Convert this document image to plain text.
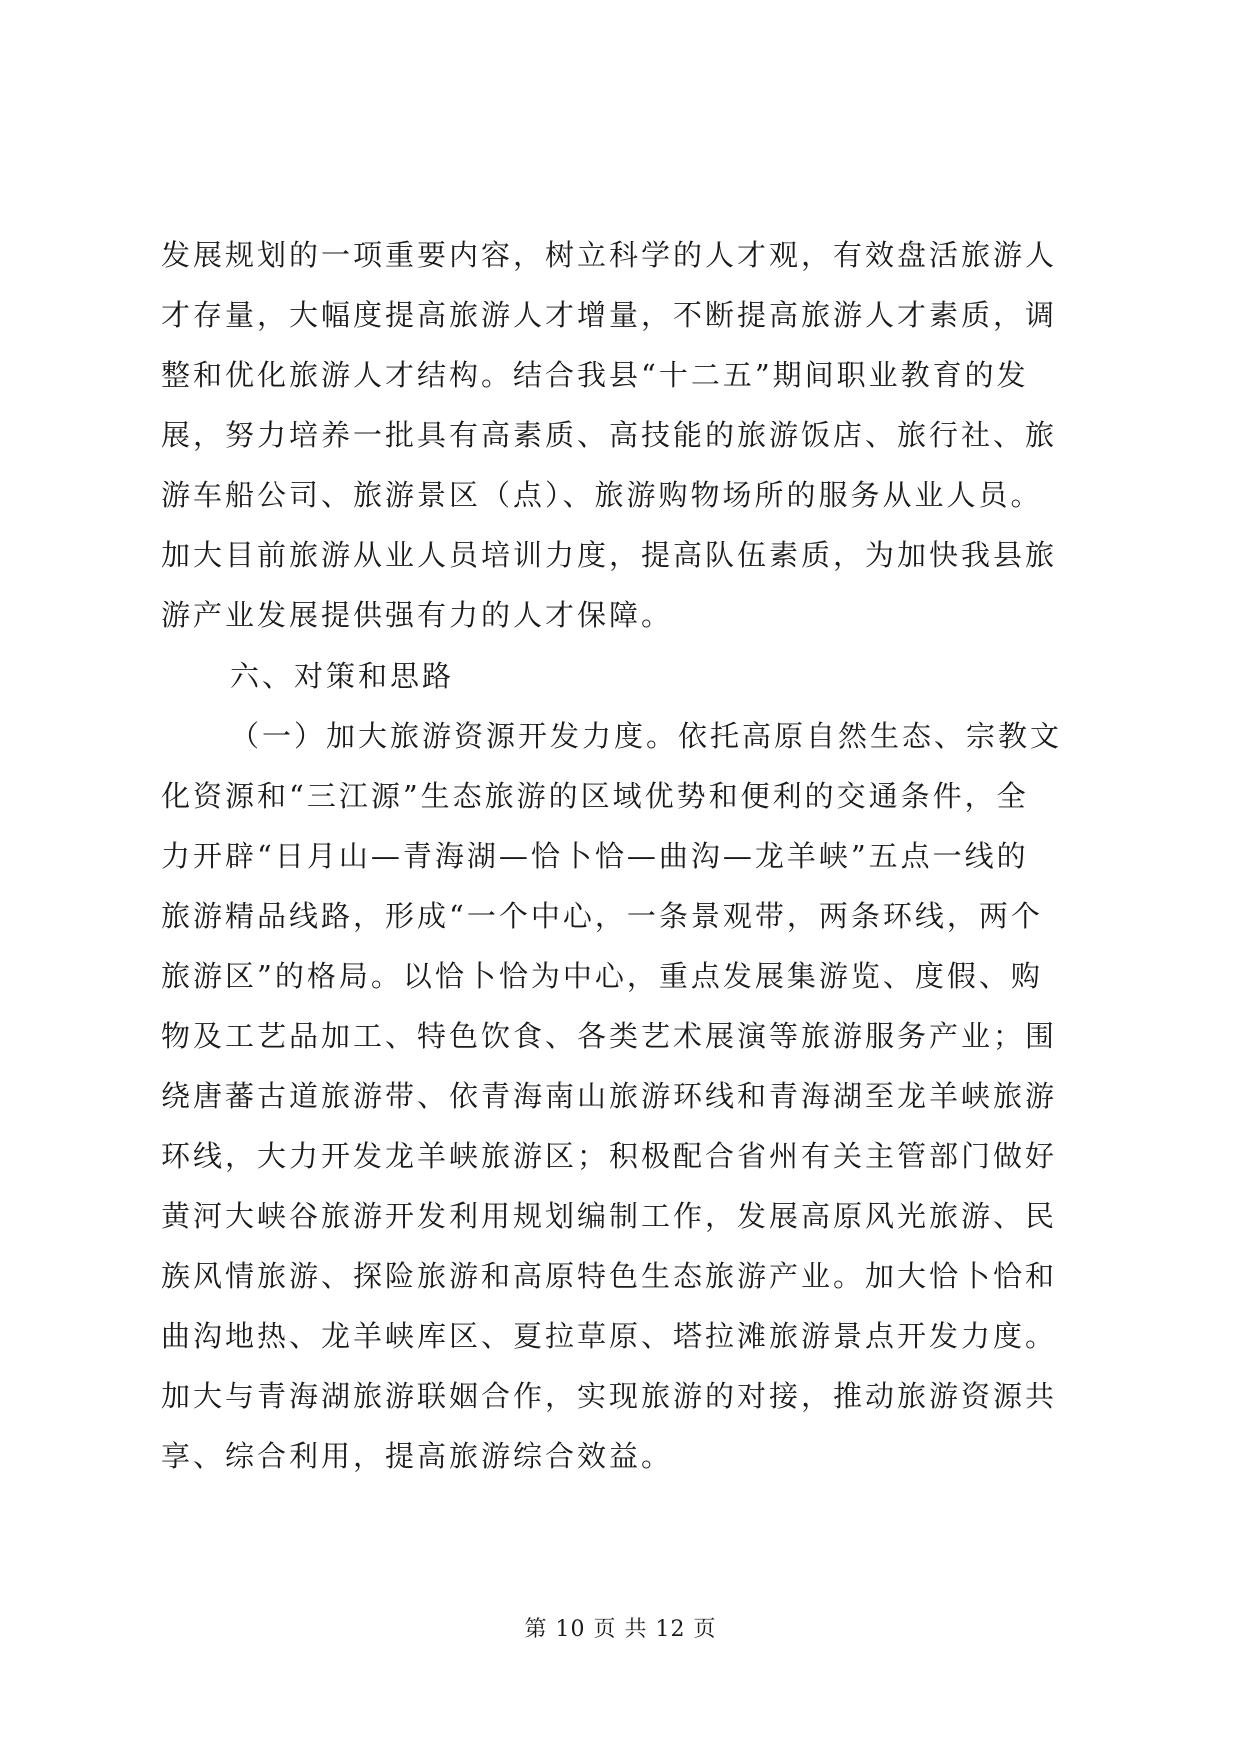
发展规划的一项重要内容，树立科学的人才观，有效盘活旅游人
才存量，大幅度提高旅游人才增量，不断提高旅游人才素质，调
整和优化旅游人才结构。结合我县“十二五”期间职业教育的发
展，努力培养一批具有高素质、高技能的旅游饭店、旅行社、旅
游车船公司、旅游景区（点）、旅游购物场所的服务从业人员。
加大目前旅游从业人员培训力度，提高队伍素质，为加快我县旅
游产业发展提供强有力的人才保障。
六、对策和思路
（一）加大旅游资源开发力度。依托高原自然生态、宗教文
化资源和“三江源”生态旅游的区域优势和便利的交通条件，全
力开辟“日月山—青海湖—恰卜恰—曲沟—龙羊峡”五点一线的
旅游精品线路，形成“一个中心，一条景观带，两条环线，两个
旅游区”的格局。以恰卜恰为中心，重点发展集游览、度假、购
物及工艺品加工、特色饮食、各类艺术展演等旅游服务产业；围
绕唐蕃古道旅游带、依青海南山旅游环线和青海湖至龙羊峡旅游
环线，大力开发龙羊峡旅游区；积极配合省州有关主管部门做好
黄河大峡谷旅游开发利用规划编制工作，发展高原风光旅游、民
族风情旅游、探险旅游和高原特色生态旅游产业。加大恰卜恰和
曲沟地热、龙羊峡库区、夏拉草原、塔拉滩旅游景点开发力度。
加大与青海湖旅游联姻合作，实现旅游的对接，推动旅游资源共
享、综合利用，提高旅游综合效益。
第 10 页 共 12 页
